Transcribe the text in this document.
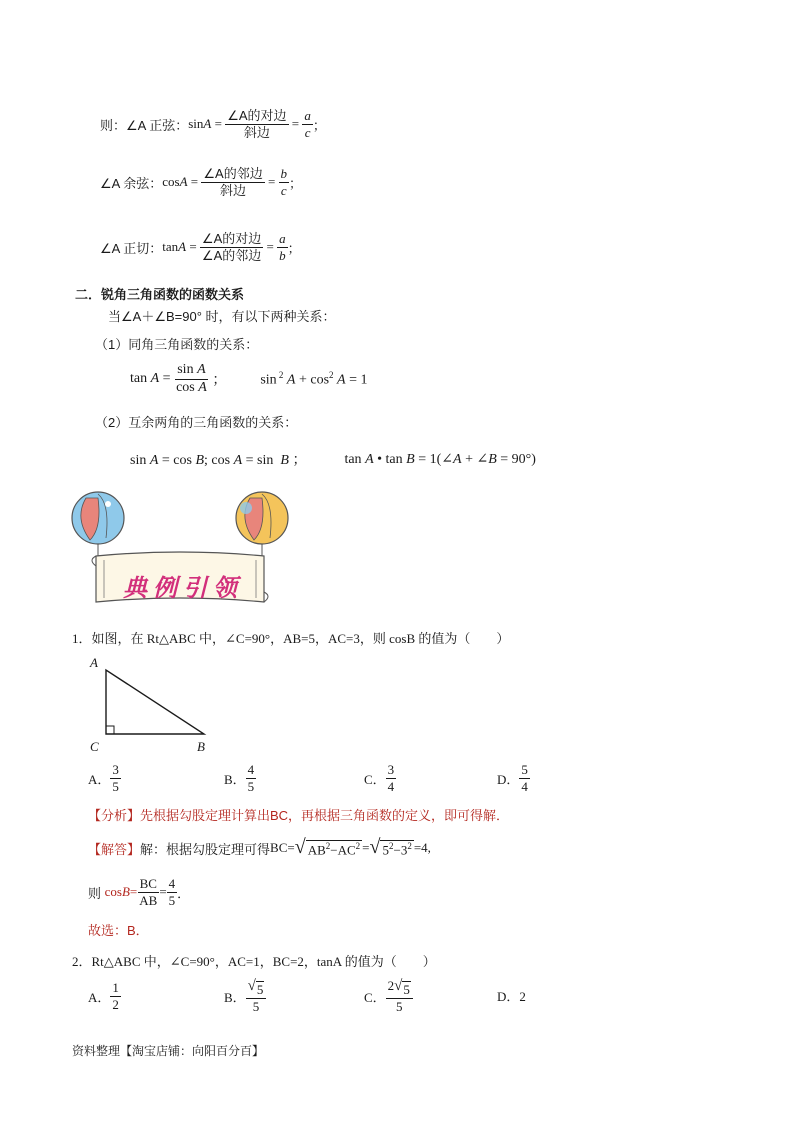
则：∠A 正弦： $\sin A = \frac{\text{∠A的对边}}{\text{斜边}} = \frac{a}{c}$ ；
∠A 余弦： $\cos A = \frac{\text{∠A的邻边}}{\text{斜边}} = \frac{b}{c}$ ；
∠A 正切： $\tan A = \frac{\text{∠A的对边}}{\text{∠A的邻边}} = \frac{a}{b}$ ；
二．锐角三角函数的函数关系
当∠A＋∠B=90° 时，有以下两种关系：
（1）同角三角函数的关系：
$\tan A = \frac{\text{sin A}}{\text{cos A}}$ ； sin $^2$ $A + \cos^2 A = 1$
（2）互余两角的三角函数的关系：
sin A = cos B; cos A = sin  B ；	tan A • tan B = 1(∠A + ∠B = 90°)
典例引领
1．如图，在 Rt△ABC 中，∠C=90°，AB=5，AC=3，则 cosB 的值为（　　）
A
C	B
A． $\frac{3}{5}$	B． $\frac{4}{5}$	C． $\frac{3}{4}$	D． $\frac{5}{4}$
【分析】先根据勾股定理计算出BC，再根据三角函数的定义，即可得解．
【解答】 解：根据勾股定理可得 BC= √ $AB^2-AC^2$ = √ $5^2-3^2 =4$,
则 $\cos B= \frac{BC}{AB} = \frac{4}{5}$ ．
故选：B．
2．Rt△ABC 中，∠C=90°，AC=1，BC=2，tanA 的值为（　　）
A． $\frac{1}{2}$	B． $\frac{√ 5}{5}$	C． $\frac{2 √ 5}{5}$	D．2
资料整理【淘宝店铺：向阳百分百】
